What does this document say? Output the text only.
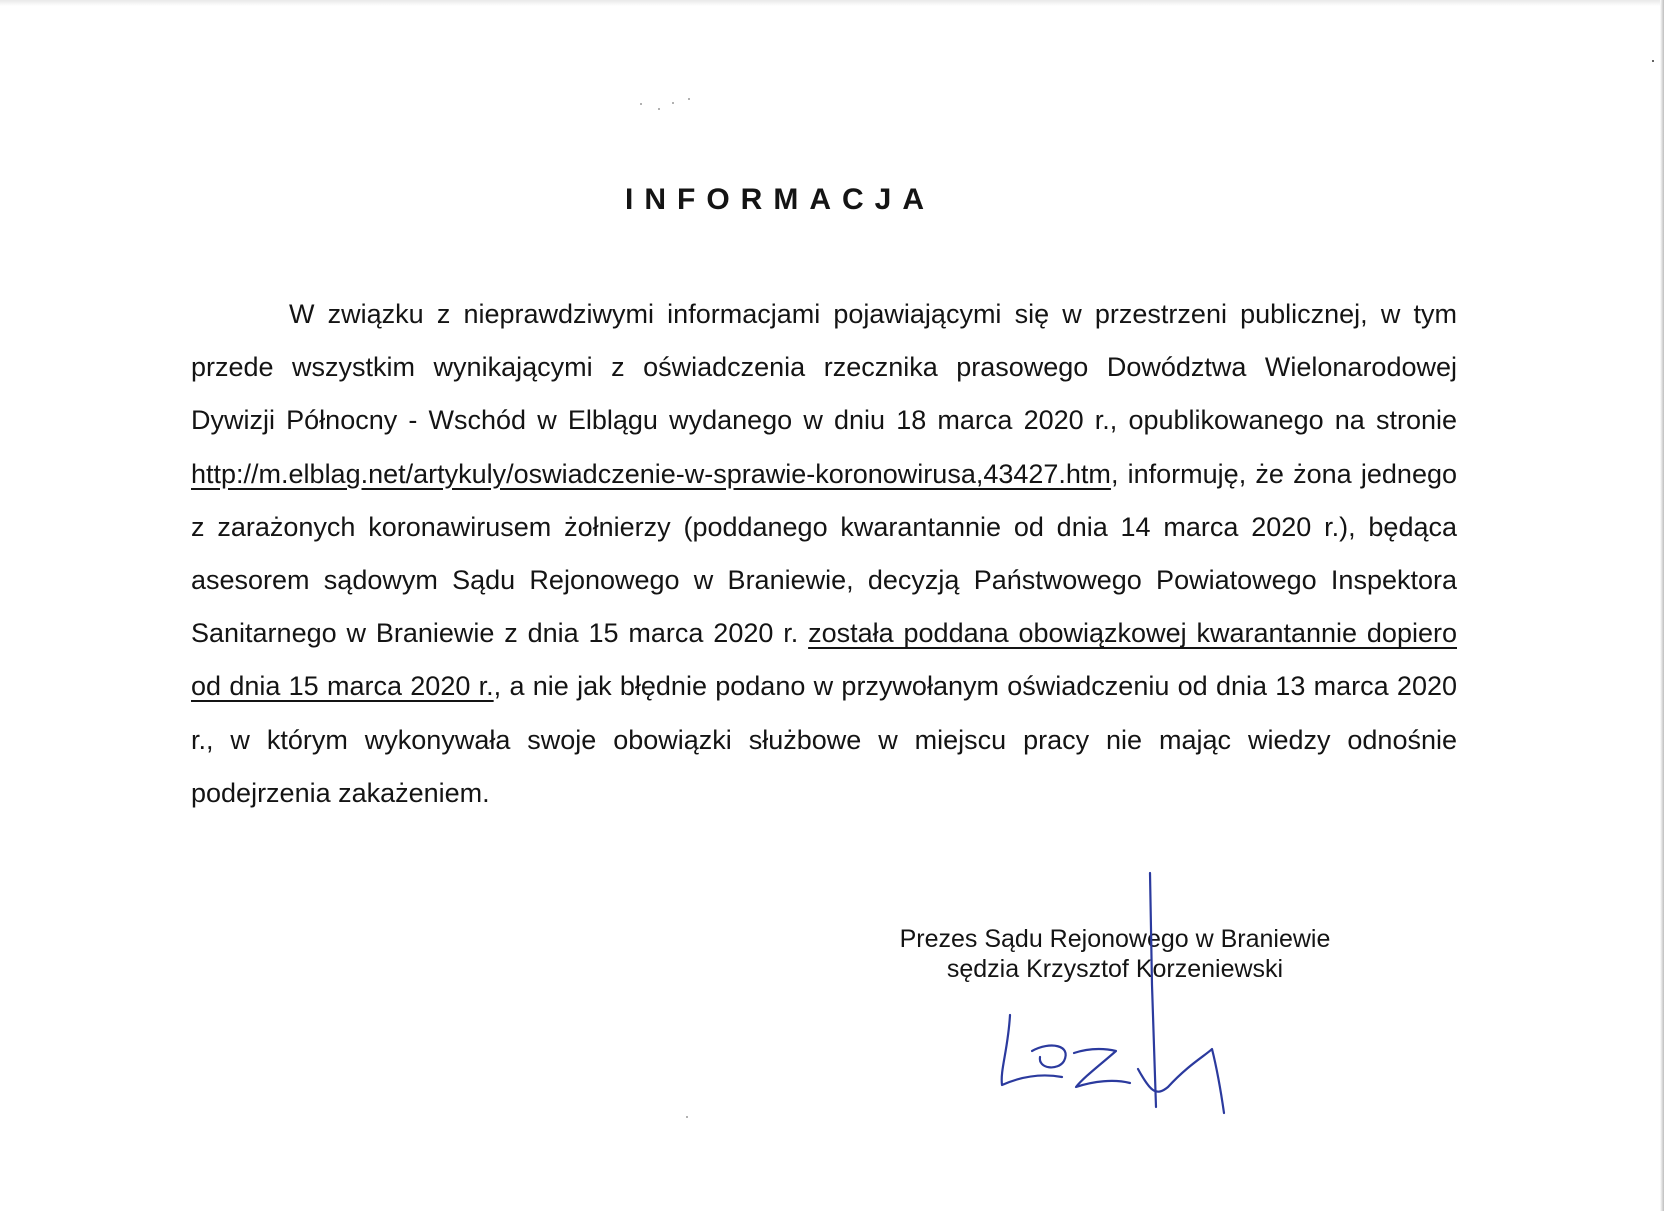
INFORMACJA

W związku z nieprawdziwymi informacjami pojawiającymi się w przestrzeni publicznej, w tym przede wszystkim wynikającymi z oświadczenia rzecznika prasowego Dowództwa Wielonarodowej Dywizji Północny - Wschód w Elblągu wydanego w dniu 18 marca 2020 r., opublikowanego na stronie http://m.elblag.net/artykuly/oswiadczenie-w-sprawie-koronowirusa,43427.htm, informuję, że żona jednego z zarażonych koronawirusem żołnierzy (poddanego kwarantannie od dnia 14 marca 2020 r.), będąca asesorem sądowym Sądu Rejonowego w Braniewie, decyzją Państwowego Powiatowego Inspektora Sanitarnego w Braniewie z dnia 15 marca 2020 r. została poddana obowiązkowej kwarantannie dopiero od dnia 15 marca 2020 r., a nie jak błędnie podano w przywołanym oświadczeniu od dnia 13 marca 2020 r., w którym wykonywała swoje obowiązki służbowe w miejscu pracy nie mając wiedzy odnośnie podejrzenia zakażeniem.

Prezes Sądu Rejonowego w Braniewie
sędzia Krzysztof Korzeniewski
